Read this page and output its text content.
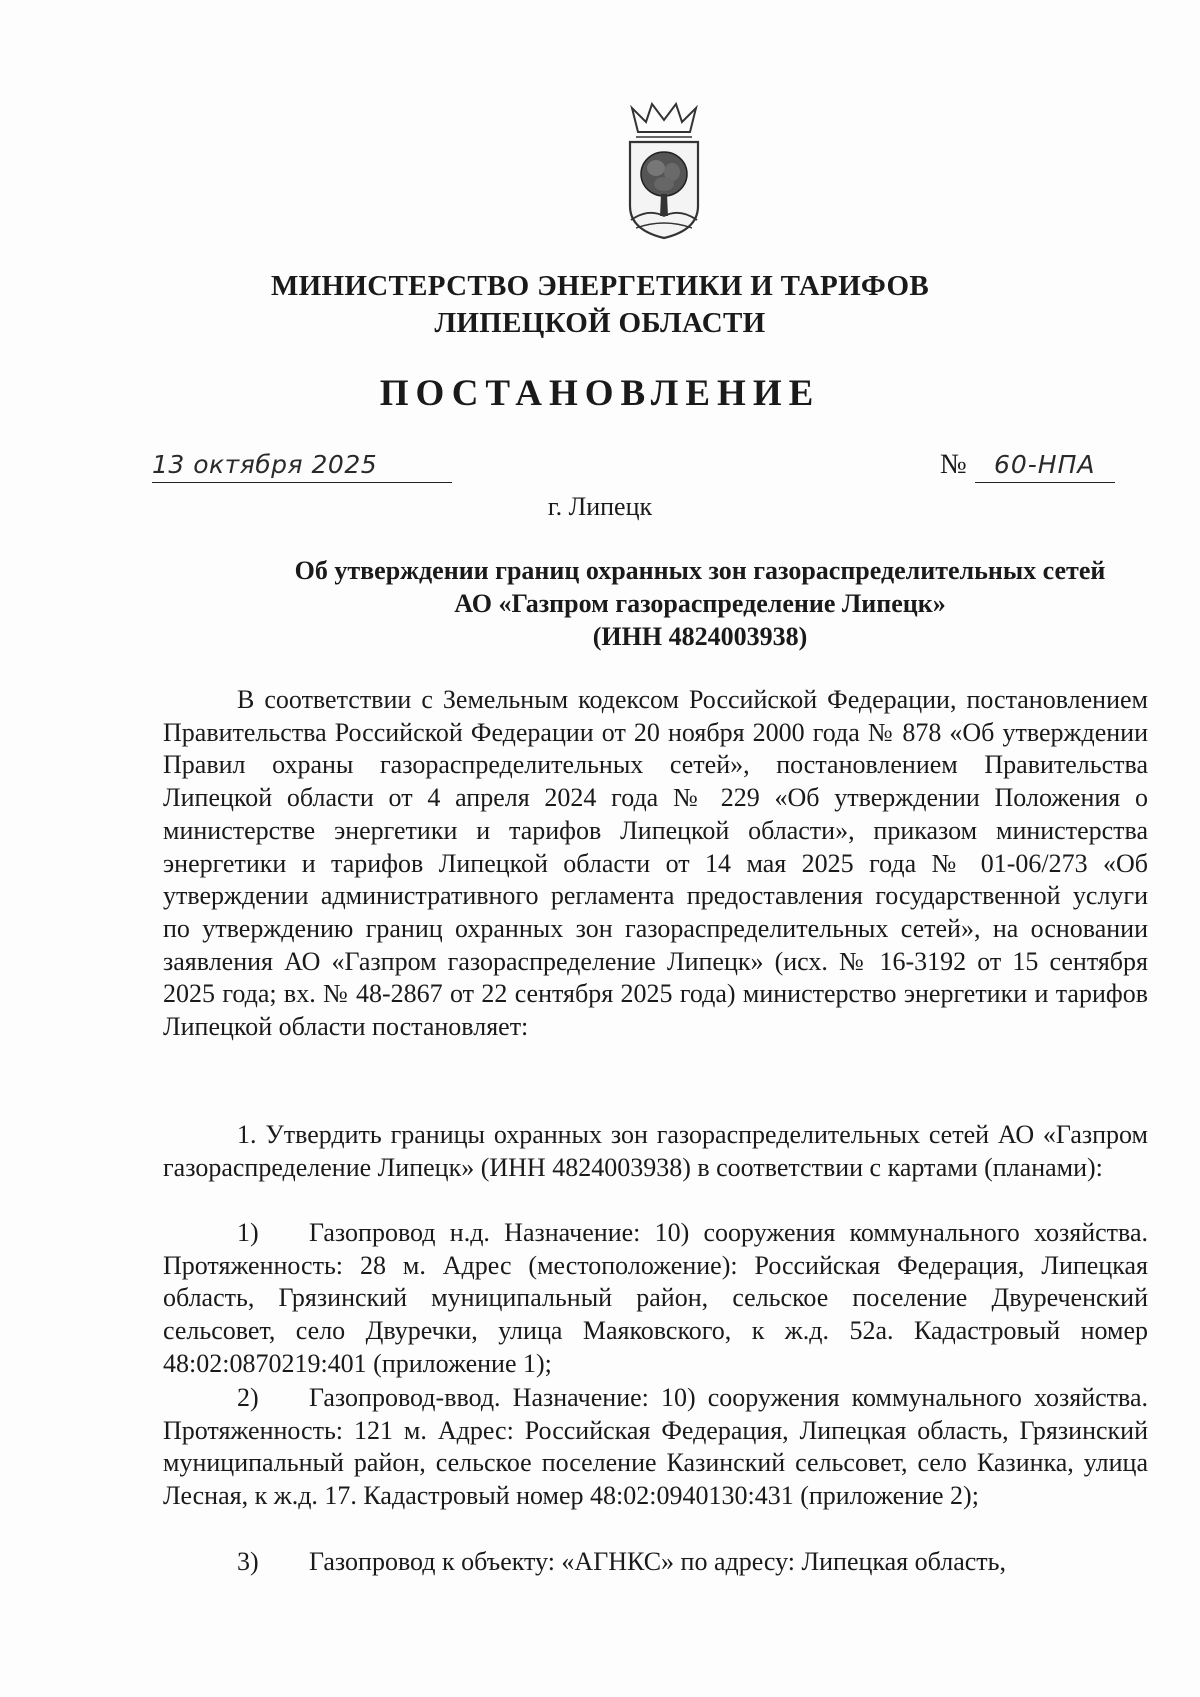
МИНИСТЕРСТВО ЭНЕРГЕТИКИ И ТАРИФОВ
ЛИПЕЦКОЙ ОБЛАСТИ
ПОСТАНОВЛЕНИЕ
13 октября 2025	№ 60-НПА
г. Липецк
Об утверждении границ охранных зон газораспределительных сетей
АО «Газпром газораспределение Липецк»
(ИНН 4824003938)
В соответствии с Земельным кодексом Российской Федерации, постановлением Правительства Российской Федерации от 20 ноября 2000 года № 878 «Об утверждении Правил охраны газораспределительных сетей», постановлением Правительства Липецкой области от 4 апреля 2024 года № 229 «Об утверждении Положения о министерстве энергетики и тарифов Липецкой области», приказом министерства энергетики и тарифов Липецкой области от 14 мая 2025 года № 01-06/273 «Об утверждении административного регламента предоставления государственной услуги по утверждению границ охранных зон газораспределительных сетей», на основании заявления АО «Газпром газораспределение Липецк» (исх. № 16-3192 от 15 сентября 2025 года; вх. № 48-2867 от 22 сентября 2025 года) министерство энергетики и тарифов Липецкой области постановляет:
1. Утвердить границы охранных зон газораспределительных сетей АО «Газпром газораспределение Липецк» (ИНН 4824003938) в соответствии с картами (планами):
1) Газопровод н.д. Назначение: 10) сооружения коммунального хозяйства. Протяженность: 28 м. Адрес (местоположение): Российская Федерация, Липецкая область, Грязинский муниципальный район, сельское поселение Двуреченский сельсовет, село Двуречки, улица Маяковского, к ж.д. 52а. Кадастровый номер 48:02:0870219:401 (приложение 1);
2) Газопровод-ввод. Назначение: 10) сооружения коммунального хозяйства. Протяженность: 121 м. Адрес: Российская Федерация, Липецкая область, Грязинский муниципальный район, сельское поселение Казинский сельсовет, село Казинка, улица Лесная, к ж.д. 17. Кадастровый номер 48:02:0940130:431 (приложение 2);
3) Газопровод к объекту: «АГНКС» по адресу: Липецкая область,
